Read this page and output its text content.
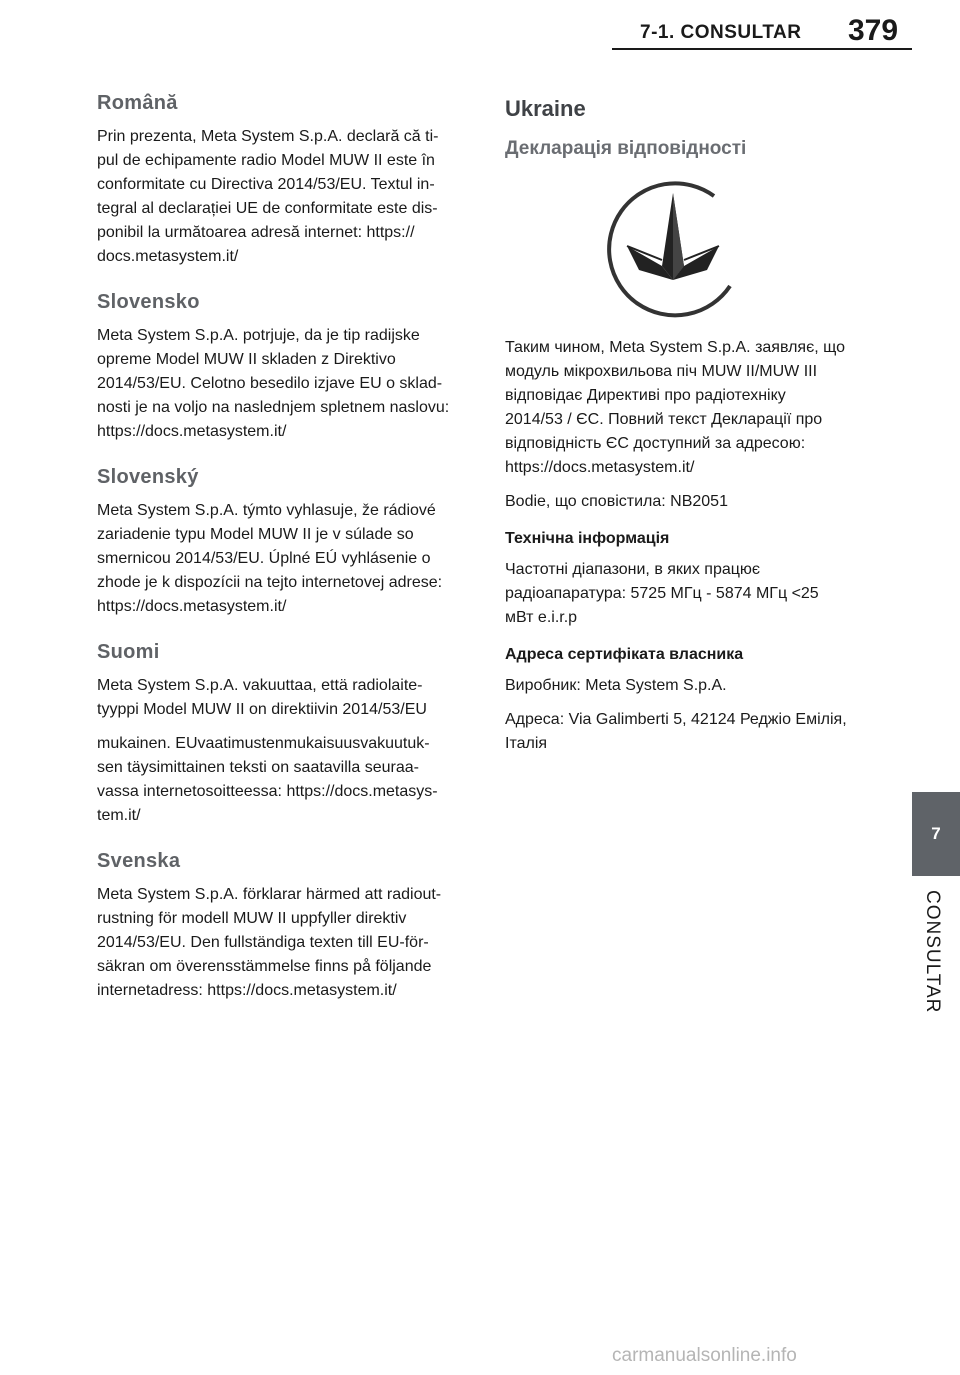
7-1. CONSULTAR 379
Română

Prin prezenta, Meta System S.p.A. declară că ti-
pul de echipamente radio Model MUW II este în
conformitate cu Directiva 2014/53/EU. Textul in-
tegral al declarației UE de conformitate este dis-
ponibil la următoarea adresă internet: https://
docs.metasystem.it/

Slovensko

Meta System S.p.A. potrjuje, da je tip radijske
opreme Model MUW II skladen z Direktivo
2014/53/EU. Celotno besedilo izjave EU o sklad-
nosti je na voljo na naslednjem spletnem naslovu:
https://docs.metasystem.it/

Slovenský

Meta System S.p.A. týmto vyhlasuje, že rádiové
zariadenie typu Model MUW II je v súlade so
smernicou 2014/53/EU. Úplné EÚ vyhlásenie o
zhode je k dispozícii na tejto internetovej adrese:
https://docs.metasystem.it/

Suomi

Meta System S.p.A. vakuuttaa, että radiolaite-
tyyppi Model MUW II on direktiivin 2014/53/EU

mukainen. EUvaatimustenmukaisuusvakuutuk-
sen täysimittainen teksti on saatavilla seuraa-
vassa internetosoitteessa: https://docs.metasys-
tem.it/

Svenska

Meta System S.p.A. förklarar härmed att radiout-
rustning för modell MUW II uppfyller direktiv
2014/53/EU. Den fullständiga texten till EU-för-
säkran om överensstämmelse finns på följande
internetadress: https://docs.metasystem.it/

Ukraine
Декларація відповідності

Таким чином, Meta System S.p.A. заявляє, що
модуль мікрохвильова піч MUW II/MUW III
відповідає Директиві про радіотехніку
2014/53 / ЄС. Повний текст Декларації про
відповідність ЄС доступний за адресою:
https://docs.metasystem.it/

Bodie, що сповістила: NB2051

Технічна інформація

Частотні діапазони, в яких працює
радіоапаратура: 5725 МГц - 5874 МГц <25
мВт е.і.r.р

Адреса сертифіката власника

Виробник: Meta System S.p.A.

Адреса: Via Galimberti 5, 42124 Реджіо Емілія,
Італія

7
CONSULTAR
carmanualsonline.info
